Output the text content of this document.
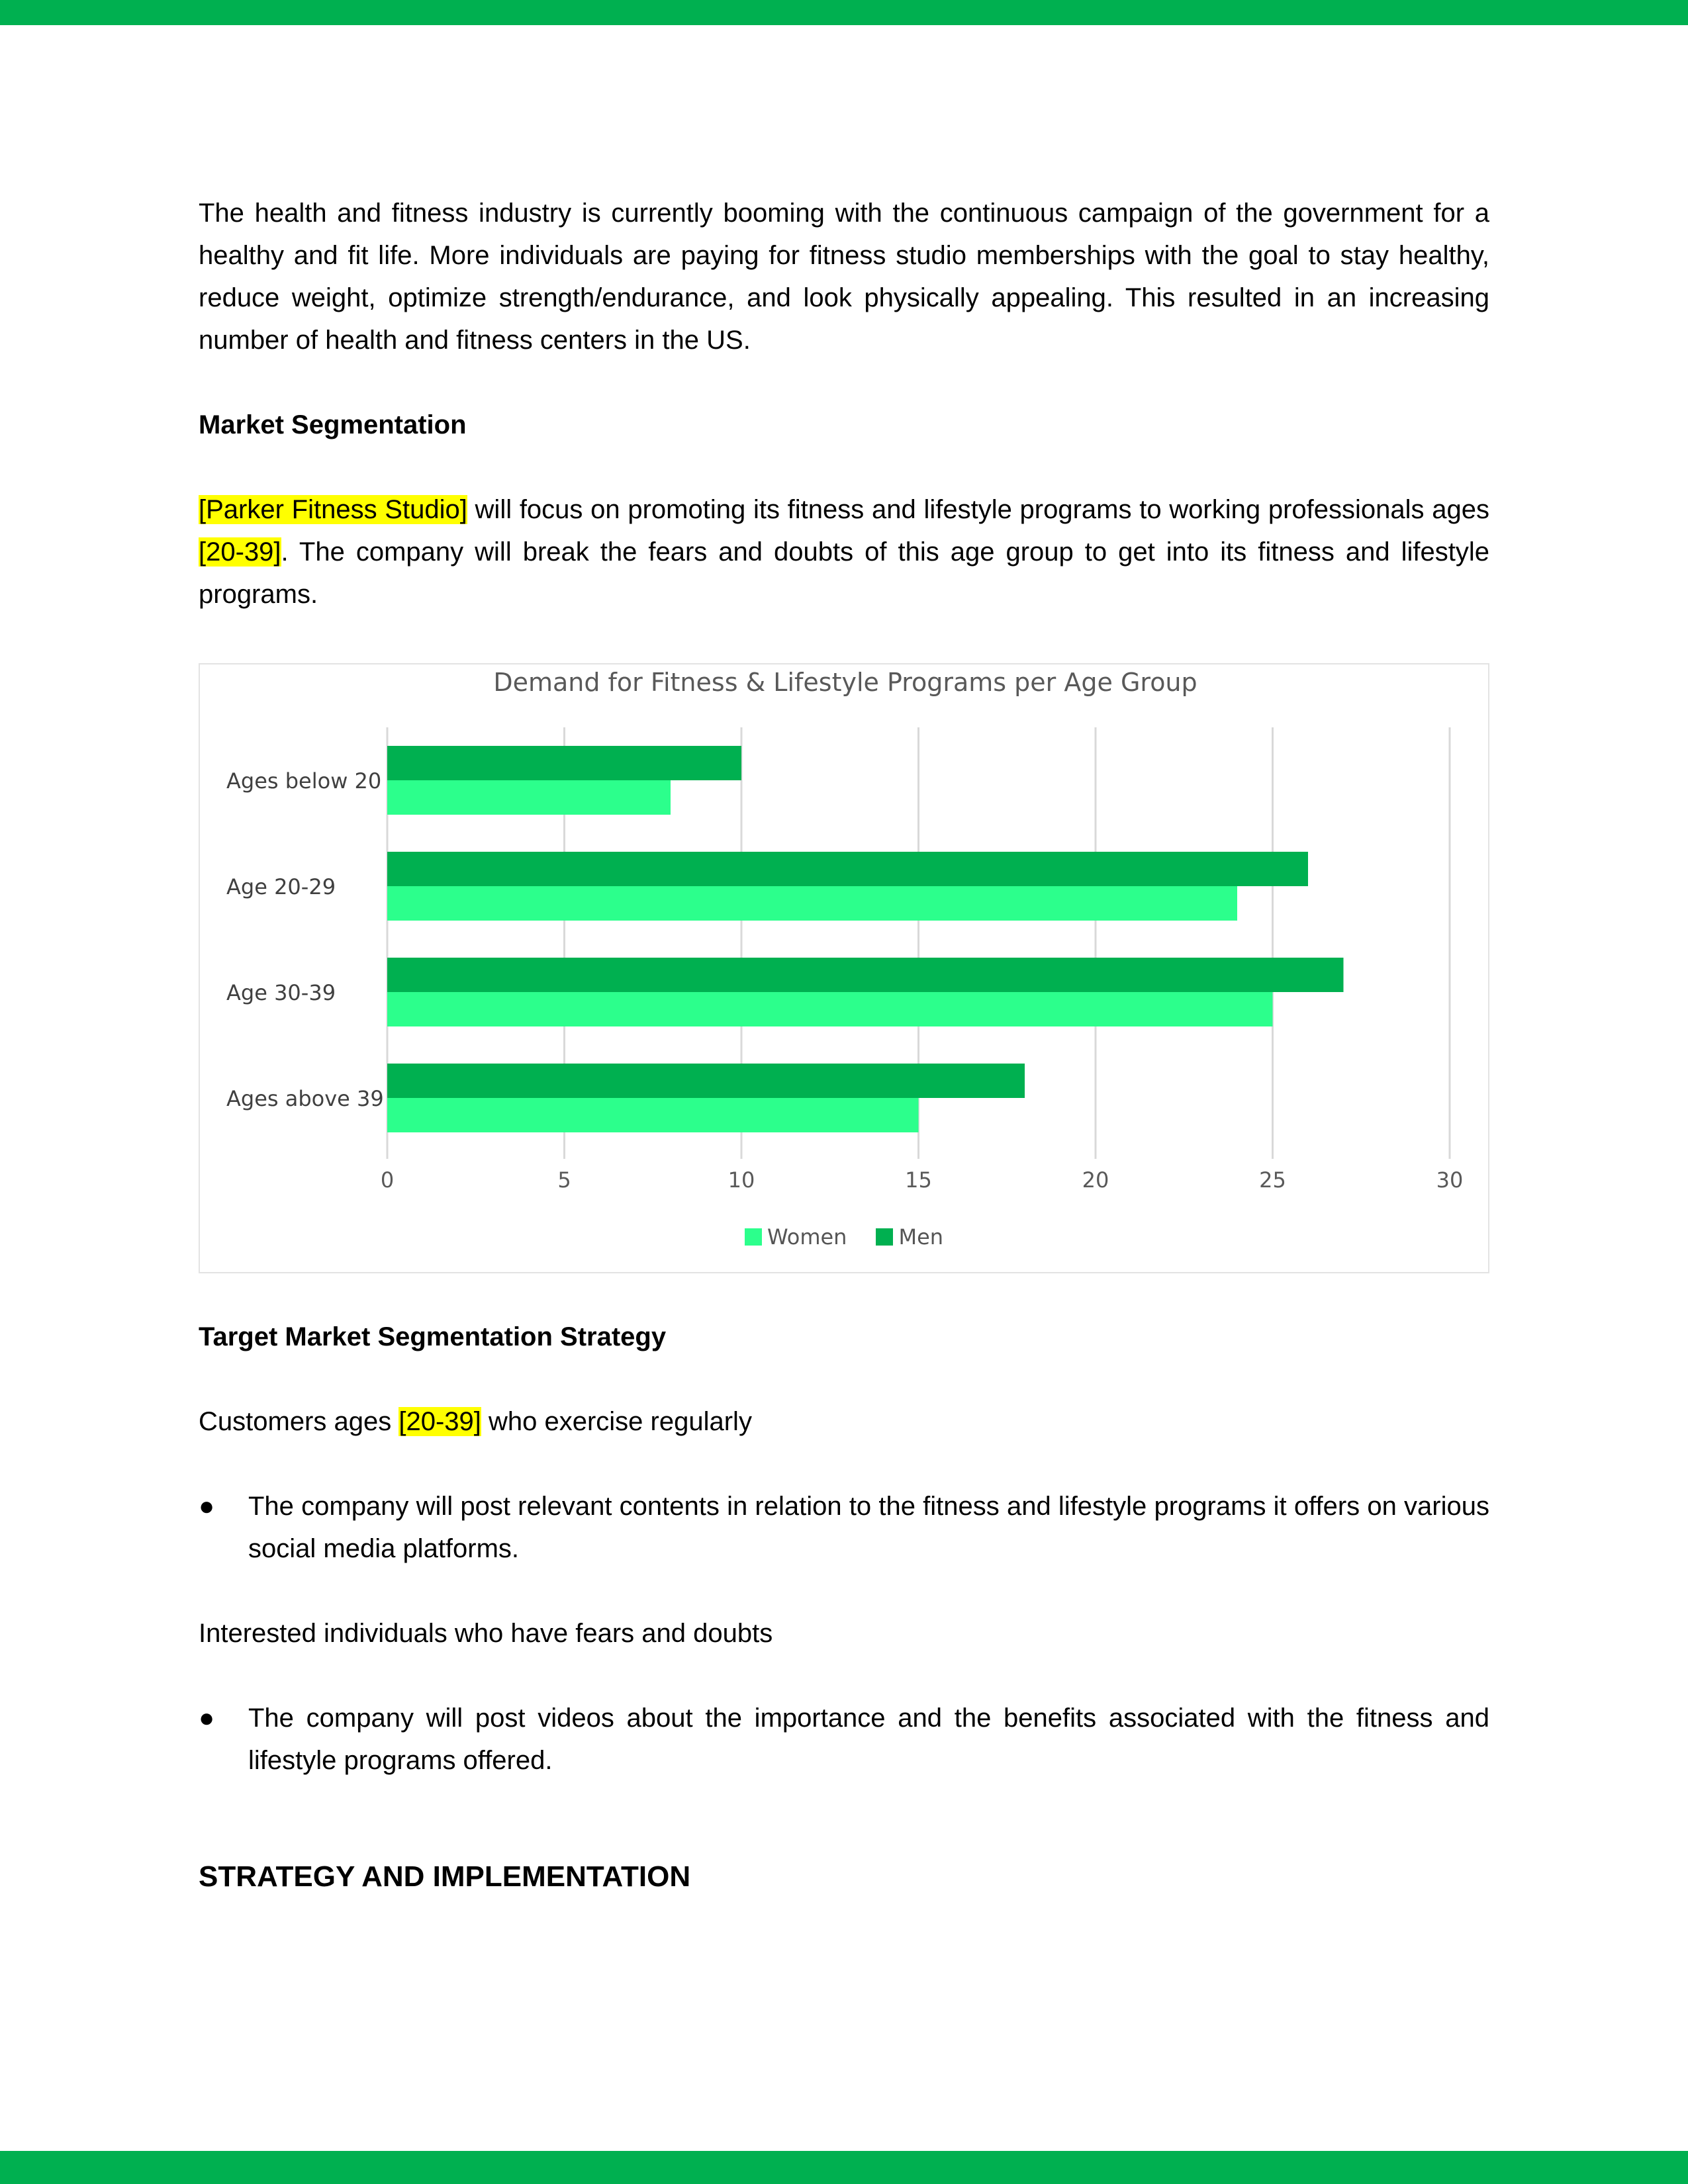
The health and fitness industry is currently booming with the continuous campaign of the government for a healthy and fit life. More individuals are paying for fitness studio memberships with the goal to stay healthy, reduce weight, optimize strength/endurance, and look physically appealing. This resulted in an increasing number of health and fitness centers in the US.

Market Segmentation

[Parker Fitness Studio] will focus on promoting its fitness and lifestyle programs to working professionals ages [20-39]. The company will break the fears and doubts of this age group to get into its fitness and lifestyle programs.

Demand for Fitness & Lifestyle Programs per Age Group
0	5	10	15	20	25	30
Ages below 20
Age 20-29
Age 30-39
Ages above 39
Women Men
Target Market Segmentation Strategy

Customers ages [20-39] who exercise regularly

● The company will post relevant contents in relation to the fitness and lifestyle programs it offers on various social media platforms.

Interested individuals who have fears and doubts

● The company will post videos about the importance and the benefits associated with the fitness and lifestyle programs offered.
STRATEGY AND IMPLEMENTATION
